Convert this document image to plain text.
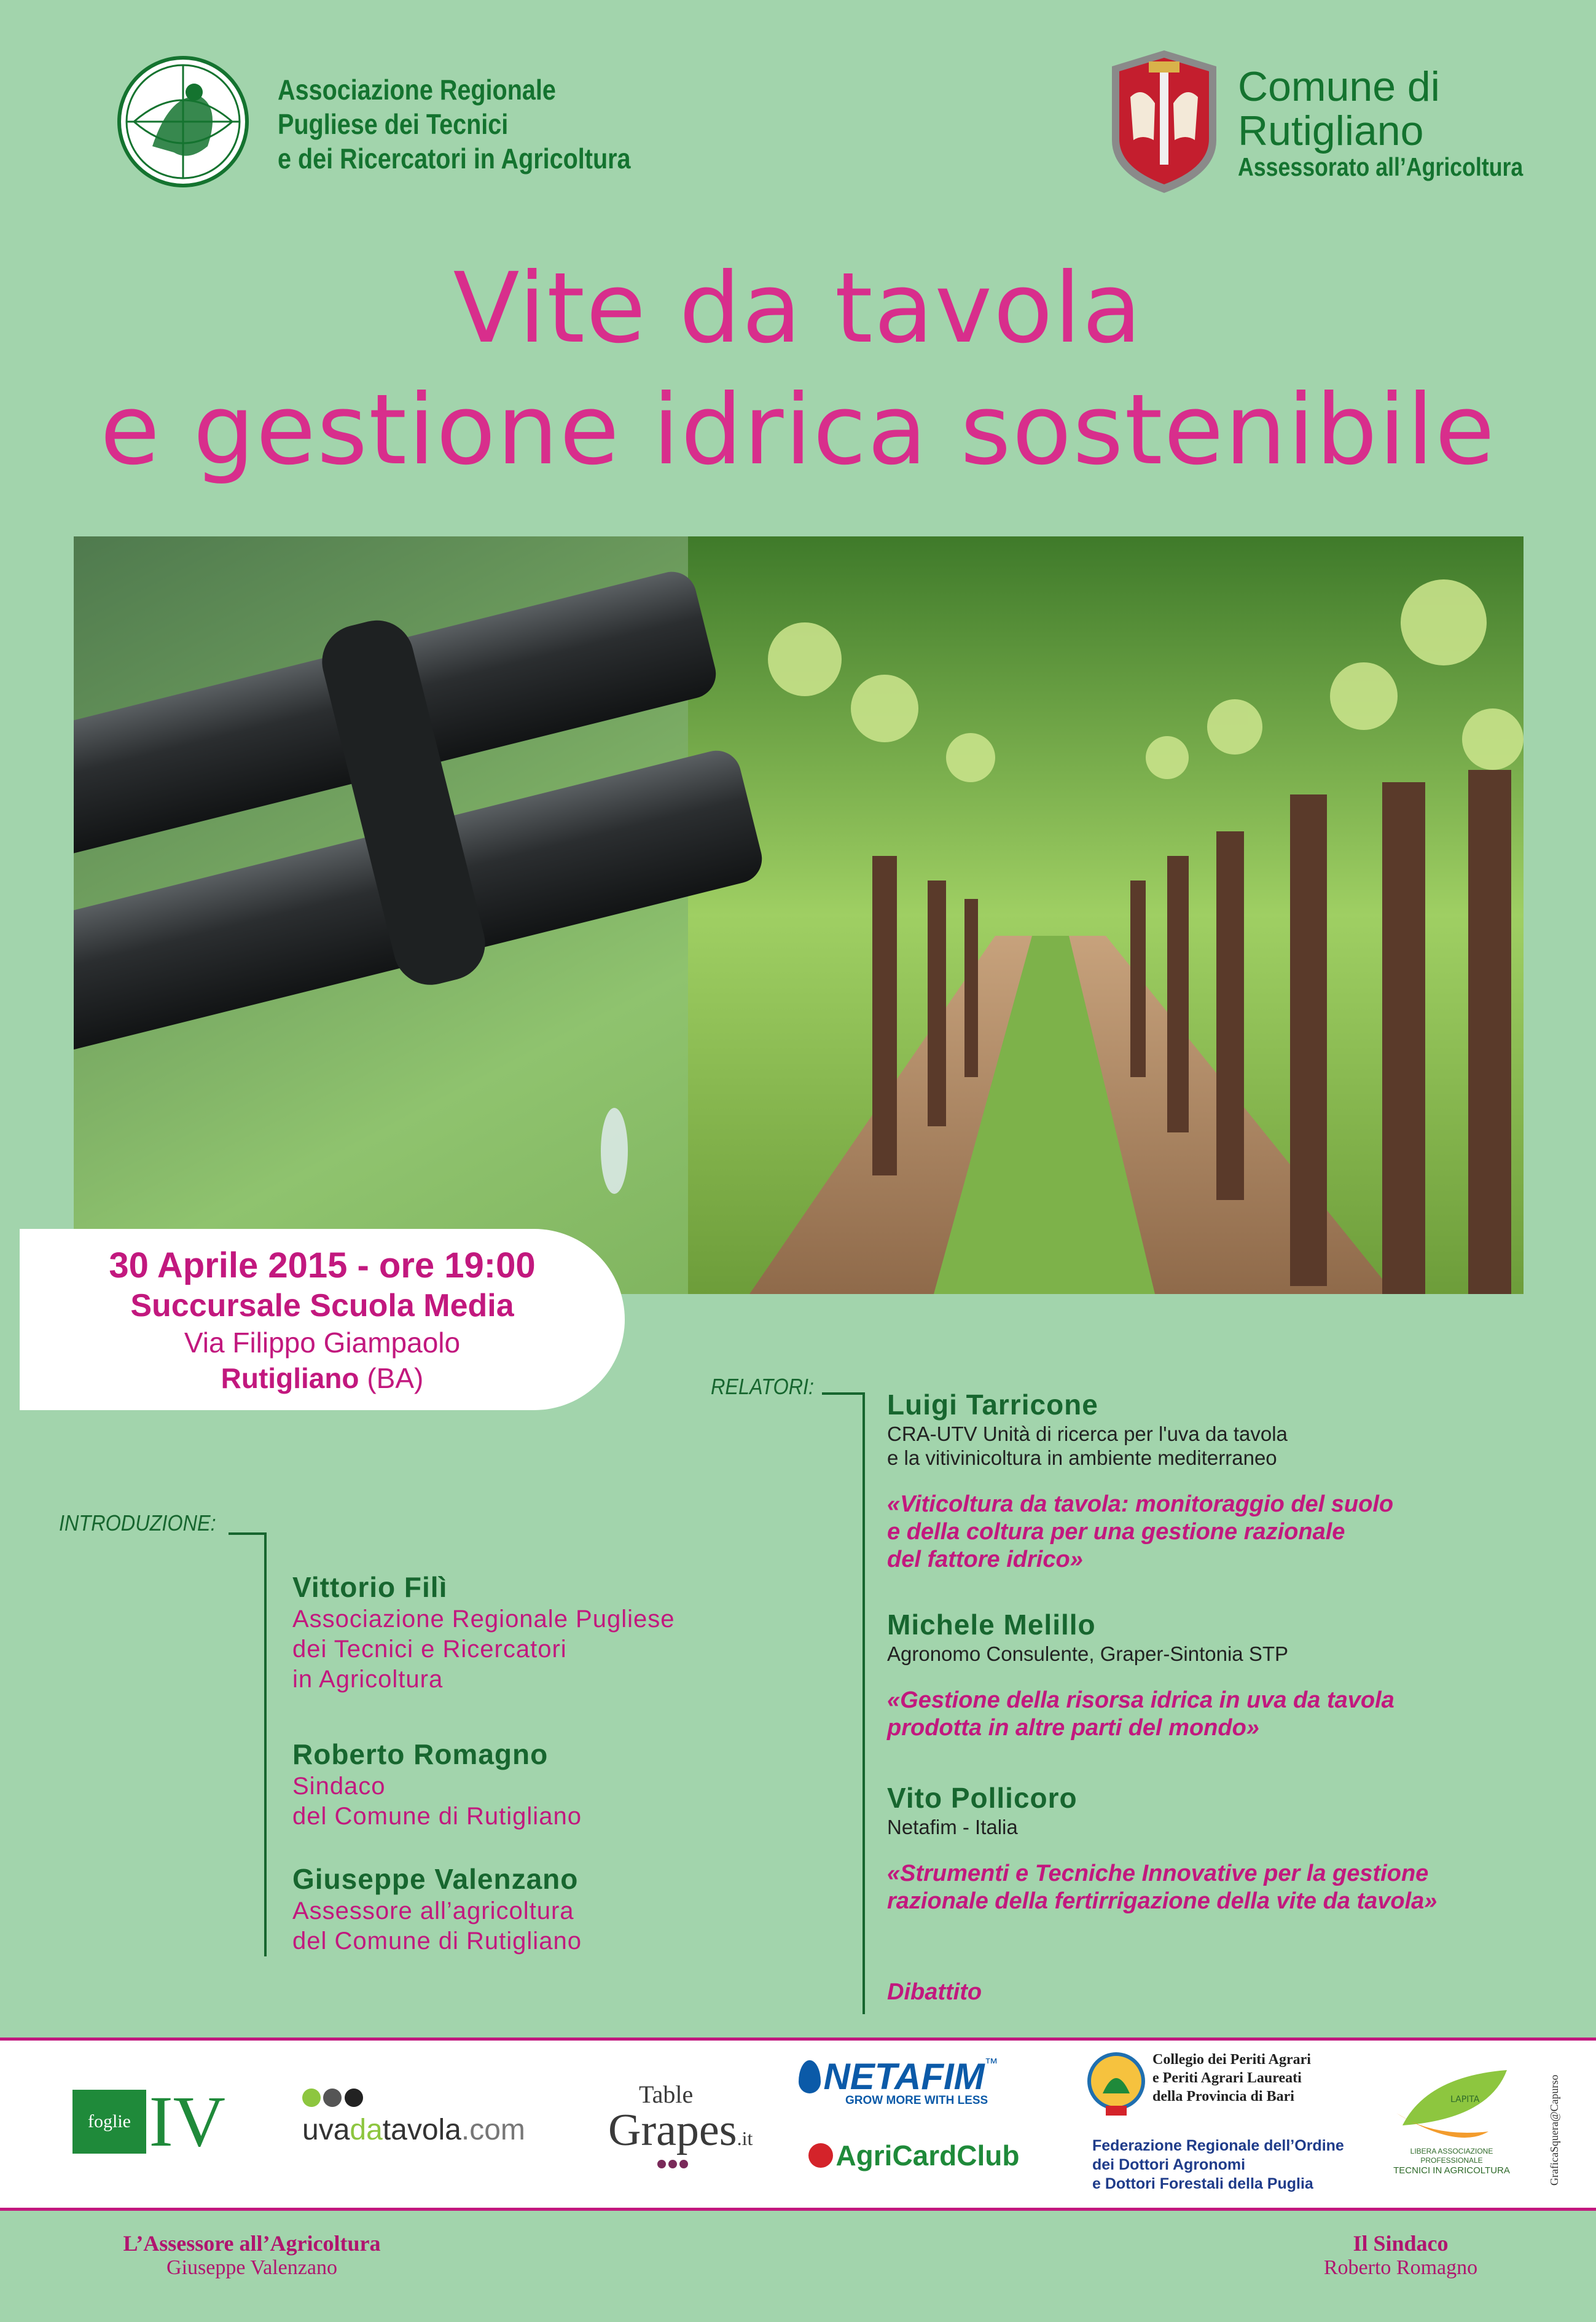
Associazione Regionale
Pugliese dei Tecnici
e dei Ricercatori in Agricoltura
Comune di
Rutigliano
Assessorato all’Agricoltura
Vite da tavola
e gestione idrica sostenibile
30 Aprile 2015 - ore 19:00
Succursale Scuola Media
Via Filippo Giampaolo
Rutigliano (BA)
INTRODUZIONE:
Vittorio Filì
Associazione Regionale Pugliese
dei Tecnici e Ricercatori
in Agricoltura
Roberto Romagno
Sindaco
del Comune di Rutigliano
Giuseppe Valenzano
Assessore all’agricoltura
del Comune di Rutigliano
RELATORI:
Luigi Tarricone
CRA-UTV Unità di ricerca per l'uva da tavola
e la vitivinicoltura in ambiente mediterraneo
«Viticoltura da tavola: monitoraggio del suolo
e della coltura per una gestione razionale
del fattore idrico»
Michele Melillo
Agronomo Consulente, Graper-Sintonia STP
«Gestione della risorsa idrica in uva da tavola
prodotta in altre parti del mondo»
Vito Pollicoro
Netafim - Italia
«Strumenti e Tecniche Innovative per la gestione
razionale della fertirrigazione della vite da tavola»
Dibattito
foglie IV
	uvadatavola.com
Table
Grapes.it

NETAFIM™
GROW MORE WITH LESS
AgriCardClub
Collegio dei Periti Agrari
e Periti Agrari Laureati
della Provincia di Bari
Federazione Regionale dell’Ordine
dei Dottori Agronomi
e Dottori Forestali della Puglia
LAPITA
LIBERA ASSOCIAZIONE PROFESSIONALE
TECNICI IN AGRICOLTURA	GraficaSquera@Capurso
L’Assessore all’Agricoltura
Giuseppe Valenzano
Il Sindaco
Roberto Romagno
